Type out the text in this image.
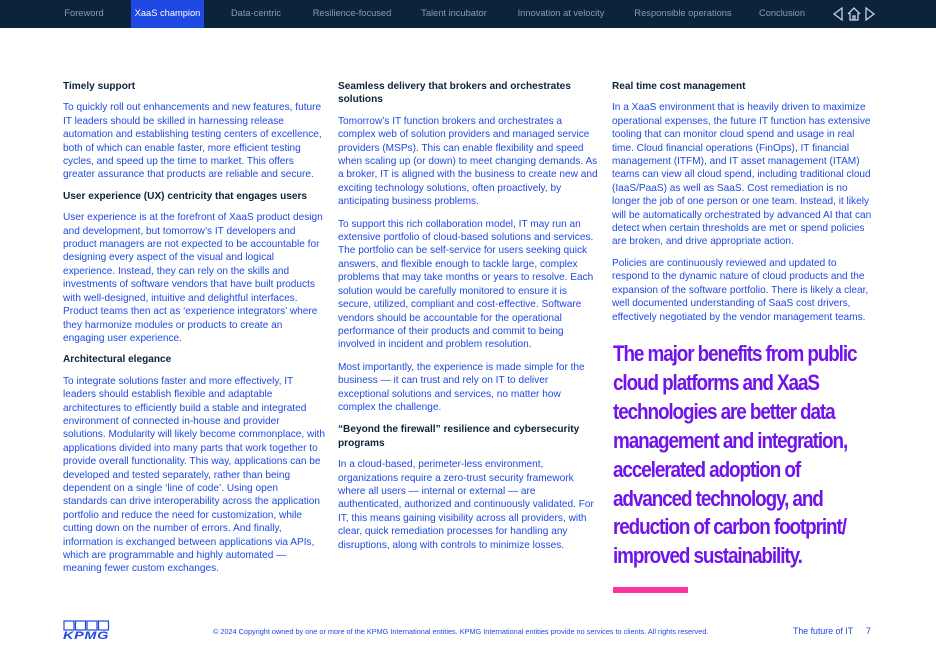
Foreword	XaaS champion	Data-centric	Resilience-focused	Talent incubator	Innovation at velocity	Responsible operations	Conclusion
Timely support
To quickly roll out enhancements and new features, future IT leaders should be skilled in harnessing release automation and establishing testing centers of excellence, both of which can enable faster, more efficient testing cycles, and speed up the time to market. This offers greater assurance that products are reliable and secure.
User experience (UX) centricity that engages users
User experience is at the forefront of XaaS product design and development, but tomorrow’s IT developers and product managers are not expected to be accountable for designing every aspect of the visual and logical experience. Instead, they can rely on the skills and investments of software vendors that have built products with well-designed, intuitive and delightful interfaces. Product teams then act as ‘experience integrators’ where they harmonize modules or products to create an engaging user experience.
Architectural elegance
To integrate solutions faster and more effectively, IT leaders should establish flexible and adaptable architectures to efficiently build a stable and integrated environment of connected in-house and provider solutions. Modularity will likely become commonplace, with applications divided into many parts that work together to provide overall functionality. This way, applications can be developed and tested separately, rather than being dependent on a single ‘line of code’. Using open standards can drive interoperability across the application portfolio and reduce the need for customization, while cutting down on the number of errors. And finally, information is exchanged between applications via APIs, which are programmable and highly automated — meaning fewer custom exchanges.
Seamless delivery that brokers and orchestrates solutions
Tomorrow’s IT function brokers and orchestrates a complex web of solution providers and managed service providers (MSPs). This can enable flexibility and speed when scaling up (or down) to meet changing demands. As a broker, IT is aligned with the business to create new and exciting technology solutions, often proactively, by anticipating business problems.
To support this rich collaboration model, IT may run an extensive portfolio of cloud-based solutions and services. The portfolio can be self-service for users seeking quick answers, and flexible enough to tackle large, complex problems that may take months or years to resolve. Each solution would be carefully monitored to ensure it is secure, utilized, compliant and cost-effective. Software vendors should be accountable for the operational performance of their products and commit to being involved in incident and problem resolution.
Most importantly, the experience is made simple for the business — it can trust and rely on IT to deliver exceptional solutions and services, no matter how complex the challenge.
“Beyond the firewall” resilience and cybersecurity programs
In a cloud-based, perimeter-less environment, organizations require a zero-trust security framework where all users — internal or external — are authenticated, authorized and continuously validated. For IT, this means gaining visibility across all providers, with clear, quick remediation processes for handling any disruptions, along with controls to minimize losses.
Real time cost management
In a XaaS environment that is heavily driven to maximize operational expenses, the future IT function has extensive tooling that can monitor cloud spend and usage in real time. Cloud financial operations (FinOps), IT financial management (ITFM), and IT asset management (ITAM) teams can view all cloud spend, including traditional cloud (IaaS/PaaS) as well as SaaS. Cost remediation is no longer the job of one person or one team. Instead, it likely will be automatically orchestrated by advanced AI that can detect when certain thresholds are met or spend policies are broken, and drive appropriate action.
Policies are continuously reviewed and updated to respond to the dynamic nature of cloud products and the expansion of the software portfolio. There is likely a clear, well documented understanding of SaaS cost drivers, effectively negotiated by the vendor management teams.
The major benefits from public cloud platforms and XaaS technologies are better data management and integration, accelerated adoption of advanced technology, and reduction of carbon footprint/ improved sustainability.
KPMG	© 2024 Copyright owned by one or more of the KPMG International entities. KPMG International entities provide no services to clients. All rights reserved.	The future of IT 7
